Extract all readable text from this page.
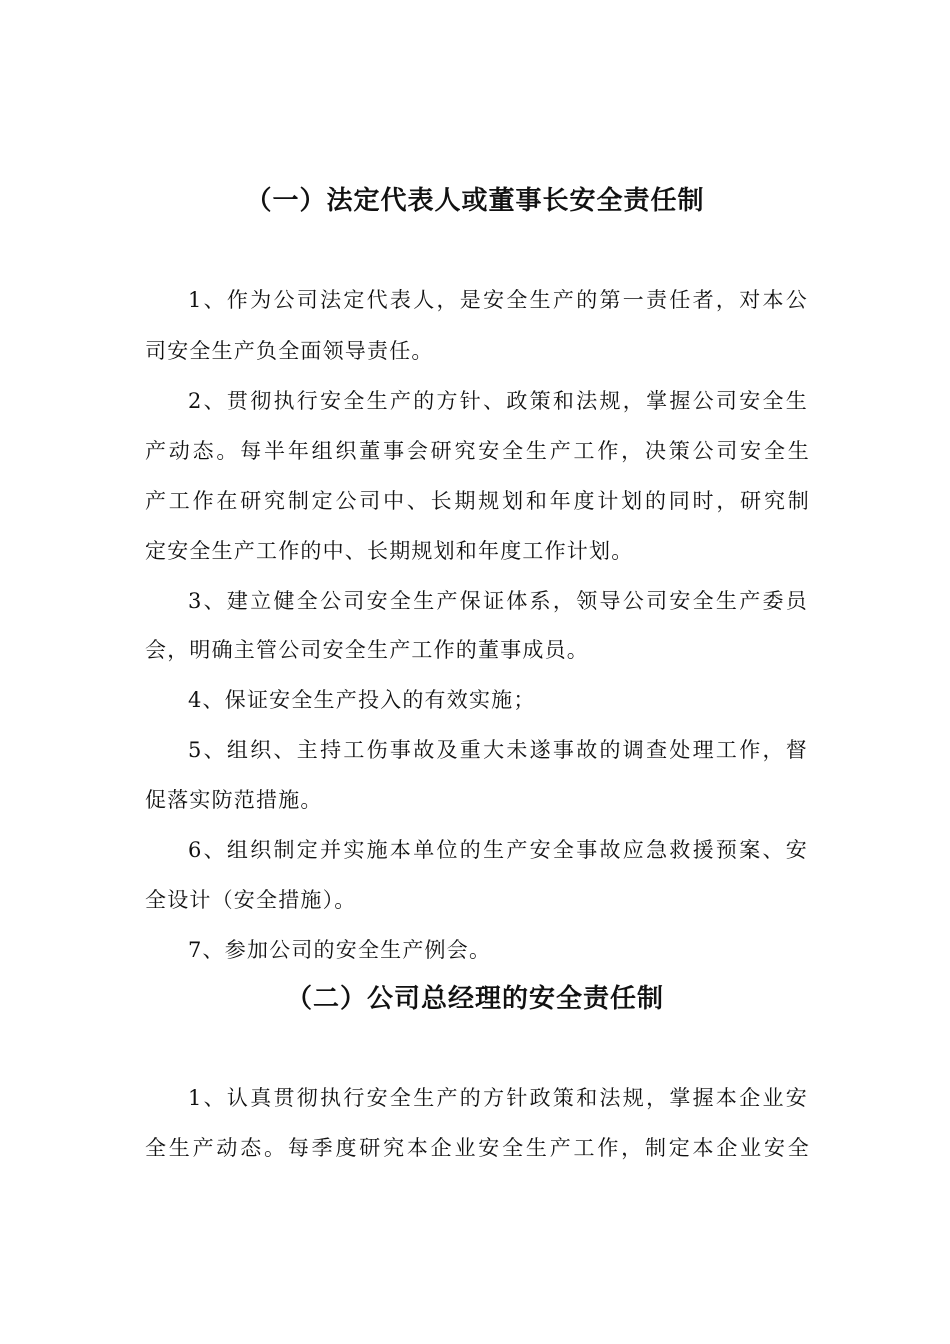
（一）法定代表人或董事长安全责任制
1、作为公司法定代表人，是安全生产的第一责任者，对本公
司安全生产负全面领导责任。
2、贯彻执行安全生产的方针、政策和法规，掌握公司安全生
产动态。每半年组织董事会研究安全生产工作，决策公司安全生
产工作在研究制定公司中、长期规划和年度计划的同时，研究制
定安全生产工作的中、长期规划和年度工作计划。
3、建立健全公司安全生产保证体系，领导公司安全生产委员
会，明确主管公司安全生产工作的董事成员。
4、保证安全生产投入的有效实施；
5、组织、主持工伤事故及重大未遂事故的调查处理工作，督
促落实防范措施。
6、组织制定并实施本单位的生产安全事故应急救援预案、安
全设计（安全措施）。
7、参加公司的安全生产例会。
（二）公司总经理的安全责任制
1、认真贯彻执行安全生产的方针政策和法规，掌握本企业安
全生产动态。每季度研究本企业安全生产工作，制定本企业安全
